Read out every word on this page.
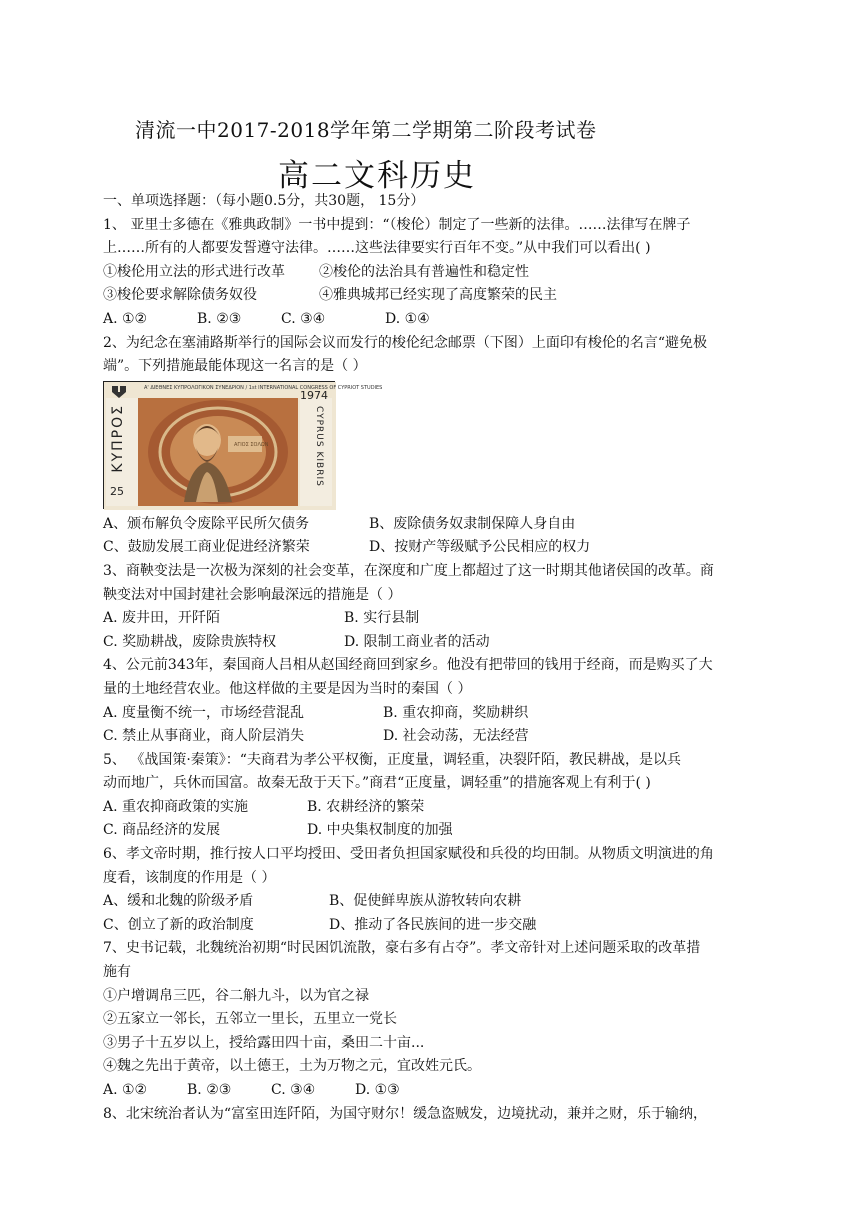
清流一中2017-2018学年第二学期第二阶段考试卷
高二文科历史
一、单项选择题：（每小题0.5分，共30题， 15分）
1、 亚里士多德在《雅典政制》一书中提到：“（梭伦）制定了一些新的法律。……法律写在牌子
上……所有的人都要发誓遵守法律。……这些法律要实行百年不变。”从中我们可以看出( )
①梭伦用立法的形式进行改革	②梭伦的法治具有普遍性和稳定性
③梭伦要求解除债务奴役	④雅典城邦已经实现了高度繁荣的民主
A. ①②	B. ②③	C. ③④	D. ①④
2、为纪念在塞浦路斯举行的国际会议而发行的梭伦纪念邮票（下图）上面印有梭伦的名言“避免极
端”。下列措施最能体现这一名言的是（ ）
Α' ΔΙΕΘΝΕΣ ΚΥΠΡΟΛΟΓΙΚΟΝ ΣΥΝΕΔΡΙΟΝ / 1st INTERNATIONAL CONGRESS OF CYPRIOT STUDIES
1974
ΚΥΠΡΟΣ	CYPRUS KIBRIS
25
ΑΓΙΟΣ ΣΟΛΩΝ
A、颁布解负令废除平民所欠债务	B、废除债务奴隶制保障人身自由
C、鼓励发展工商业促进经济繁荣	D、按财产等级赋予公民相应的权力
3、商鞅变法是一次极为深刻的社会变革，在深度和广度上都超过了这一时期其他诸侯国的改革。商
鞅变法对中国封建社会影响最深远的措施是（ ）
A. 废井田，开阡陌	B. 实行县制
C. 奖励耕战，废除贵族特权	D. 限制工商业者的活动
4、公元前343年，秦国商人吕相从赵国经商回到家乡。他没有把带回的钱用于经商，而是购买了大
量的土地经营农业。他这样做的主要是因为当时的秦国（ ）
A. 度量衡不统一，市场经营混乱	B. 重农抑商，奖励耕织
C. 禁止从事商业，商人阶层消失	D. 社会动荡，无法经营
5、 《战国策·秦策》：“夫商君为孝公平权衡，正度量，调轻重，决裂阡陌，教民耕战，是以兵
动而地广，兵休而国富。故秦无敌于天下。”商君“正度量，调轻重”的措施客观上有利于( )
A. 重农抑商政策的实施	B. 农耕经济的繁荣
C. 商品经济的发展	D. 中央集权制度的加强
6、孝文帝时期，推行按人口平均授田、受田者负担国家赋役和兵役的均田制。从物质文明演进的角
度看，该制度的作用是（ ）
A、缓和北魏的阶级矛盾	B、促使鲜卑族从游牧转向农耕
C、创立了新的政治制度	D、推动了各民族间的进一步交融
7、史书记载，北魏统治初期“时民困饥流散，豪右多有占夺”。孝文帝针对上述问题采取的改革措
施有
①户增调帛三匹，谷二斛九斗，以为官之禄
②五家立一邻长，五邻立一里长，五里立一党长
③男子十五岁以上，授给露田四十亩，桑田二十亩...
④魏之先出于黄帝，以土德王，土为万物之元，宜改姓元氏。
A. ①②	B. ②③	C. ③④	D. ①③
8、北宋统治者认为“富室田连阡陌，为国守财尔！缓急盗贼发，边境扰动，兼并之财，乐于输纳，
